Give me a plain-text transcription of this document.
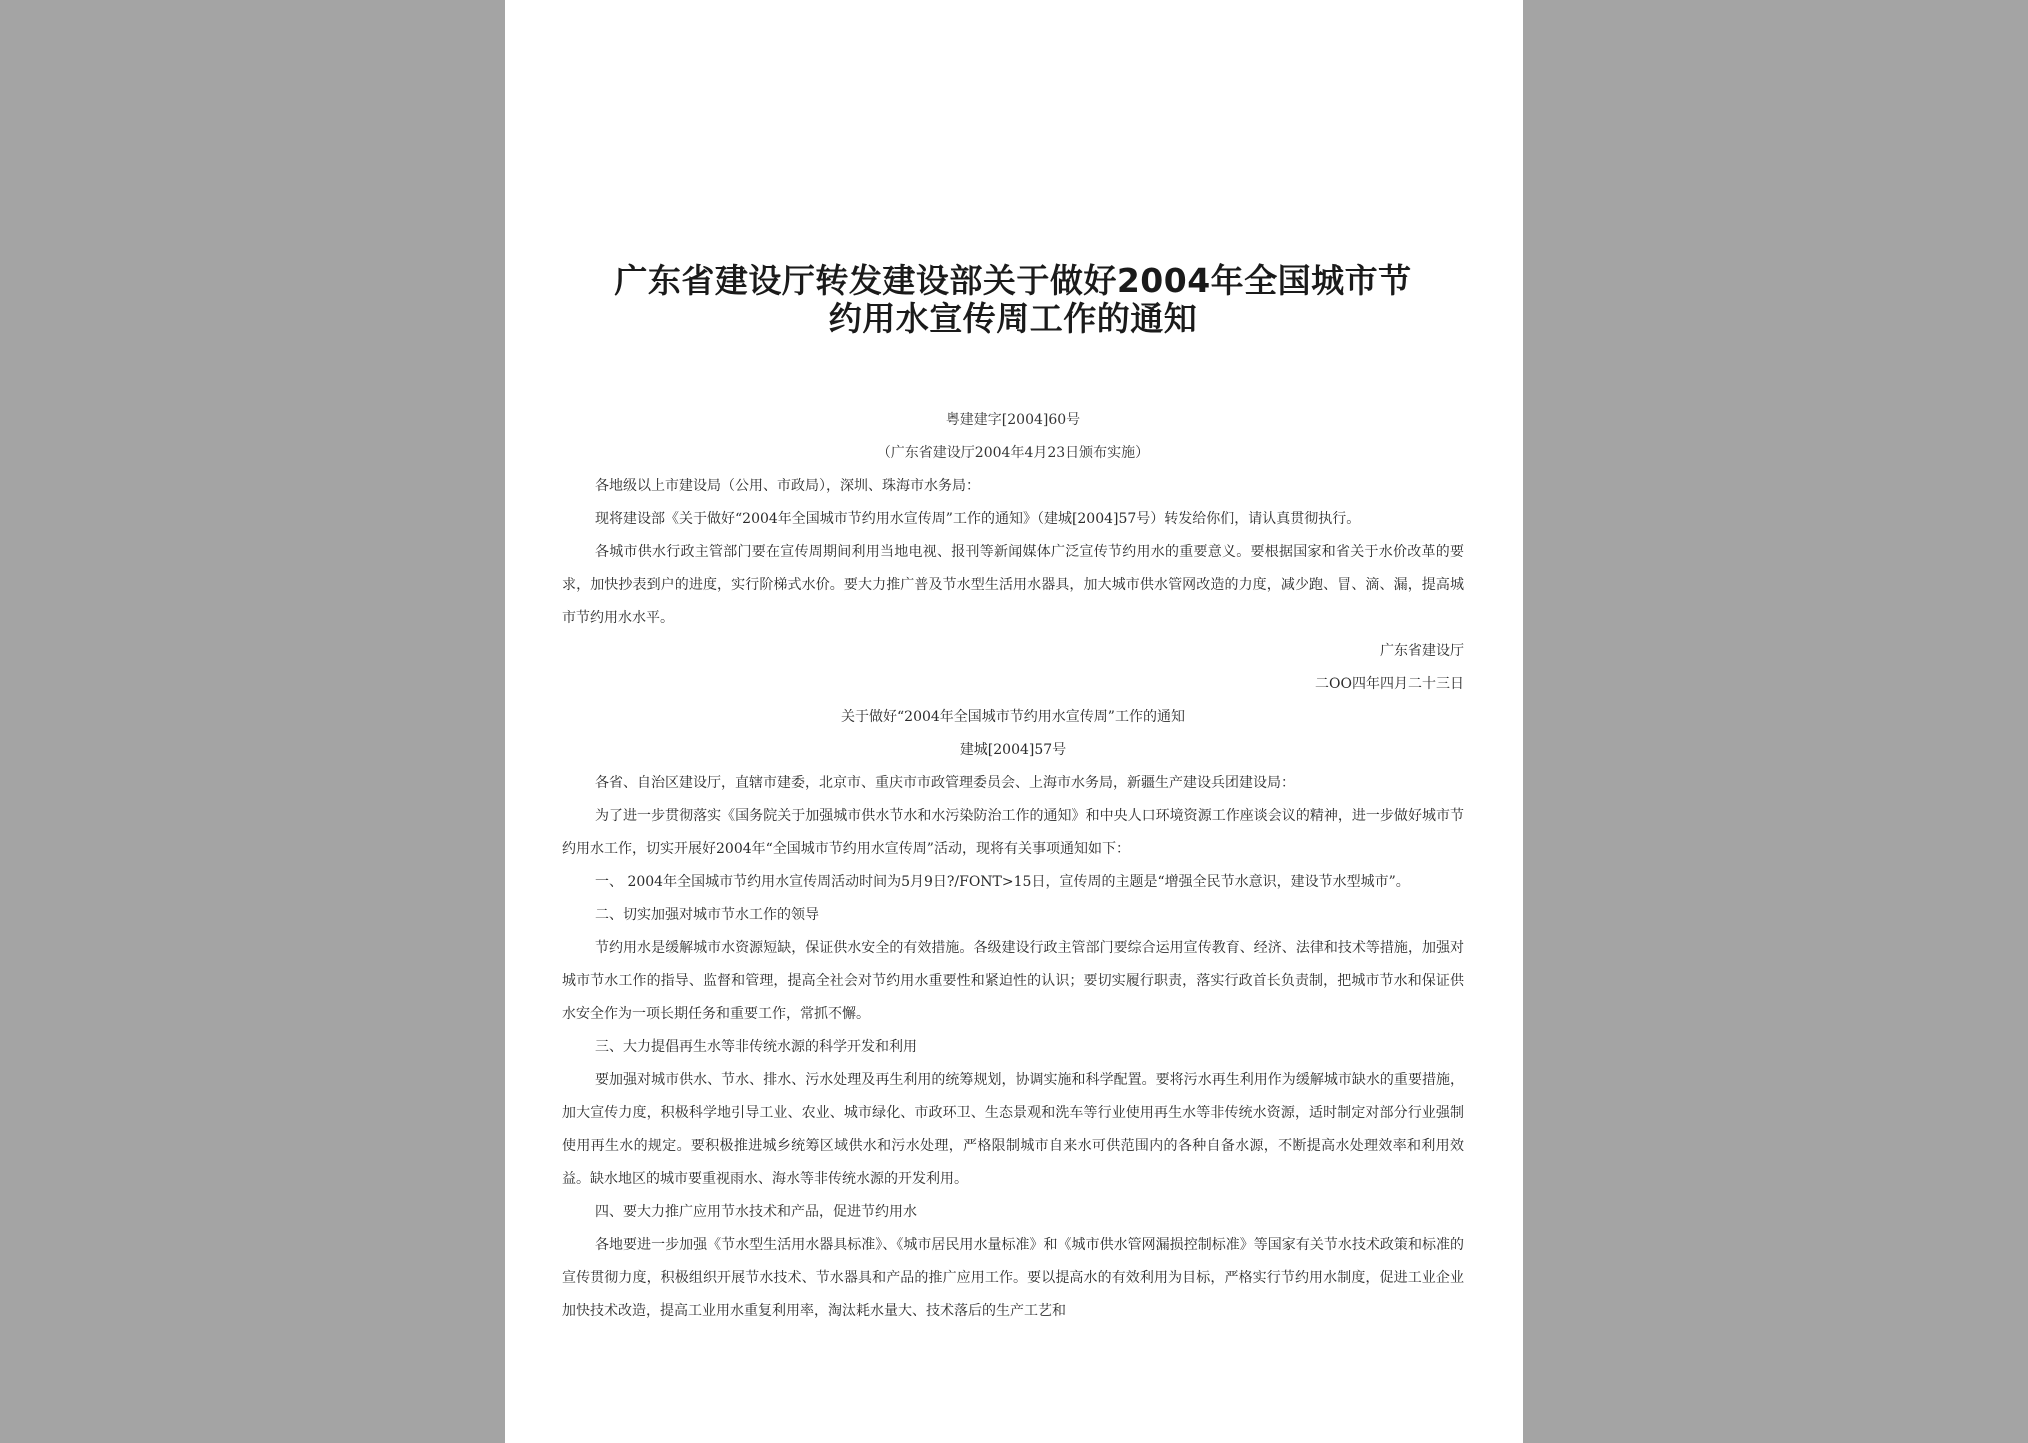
广东省建设厅转发建设部关于做好2004年全国城市节
约用水宣传周工作的通知
粤建建字[2004]60号
（广东省建设厅2004年4月23日颁布实施）

各地级以上市建设局（公用、市政局），深圳、珠海市水务局：

现将建设部《关于做好“2004年全国城市节约用水宣传周”工作的通知》（建城[2004]57号）转发给你们，请认真贯彻执行。

各城市供水行政主管部门要在宣传周期间利用当地电视、报刊等新闻媒体广泛宣传节约用水的重要意义。要根据国家和省关于水价改革的要求，加快抄表到户的进度，实行阶梯式水价。要大力推广普及节水型生活用水器具，加大城市供水管网改造的力度，减少跑、冒、滴、漏，提高城市节约用水水平。

广东省建设厅

二OO四年四月二十三日

关于做好“2004年全国城市节约用水宣传周”工作的通知

建城[2004]57号

各省、自治区建设厅，直辖市建委，北京市、重庆市市政管理委员会、上海市水务局，新疆生产建设兵团建设局：

为了进一步贯彻落实《国务院关于加强城市供水节水和水污染防治工作的通知》和中央人口环境资源工作座谈会议的精神，进一步做好城市节约用水工作，切实开展好2004年“全国城市节约用水宣传周”活动，现将有关事项通知如下：

一、 2004年全国城市节约用水宣传周活动时间为5月9日?/FONT>15日，宣传周的主题是“增强全民节水意识，建设节水型城市”。

二、切实加强对城市节水工作的领导

节约用水是缓解城市水资源短缺，保证供水安全的有效措施。各级建设行政主管部门要综合运用宣传教育、经济、法律和技术等措施，加强对城市节水工作的指导、监督和管理，提高全社会对节约用水重要性和紧迫性的认识；要切实履行职责，落实行政首长负责制，把城市节水和保证供水安全作为一项长期任务和重要工作，常抓不懈。

三、大力提倡再生水等非传统水源的科学开发和利用

要加强对城市供水、节水、排水、污水处理及再生利用的统筹规划，协调实施和科学配置。要将污水再生利用作为缓解城市缺水的重要措施，加大宣传力度，积极科学地引导工业、农业、城市绿化、市政环卫、生态景观和洗车等行业使用再生水等非传统水资源，适时制定对部分行业强制使用再生水的规定。要积极推进城乡统筹区域供水和污水处理，严格限制城市自来水可供范围内的各种自备水源，不断提高水处理效率和利用效益。缺水地区的城市要重视雨水、海水等非传统水源的开发利用。

四、要大力推广应用节水技术和产品，促进节约用水

各地要进一步加强《节水型生活用水器具标准》、《城市居民用水量标准》和《城市供水管网漏损控制标准》等国家有关节水技术政策和标准的宣传贯彻力度，积极组织开展节水技术、节水器具和产品的推广应用工作。要以提高水的有效利用为目标，严格实行节约用水制度，促进工业企业加快技术改造，提高工业用水重复利用率，淘汰耗水量大、技术落后的生产工艺和
